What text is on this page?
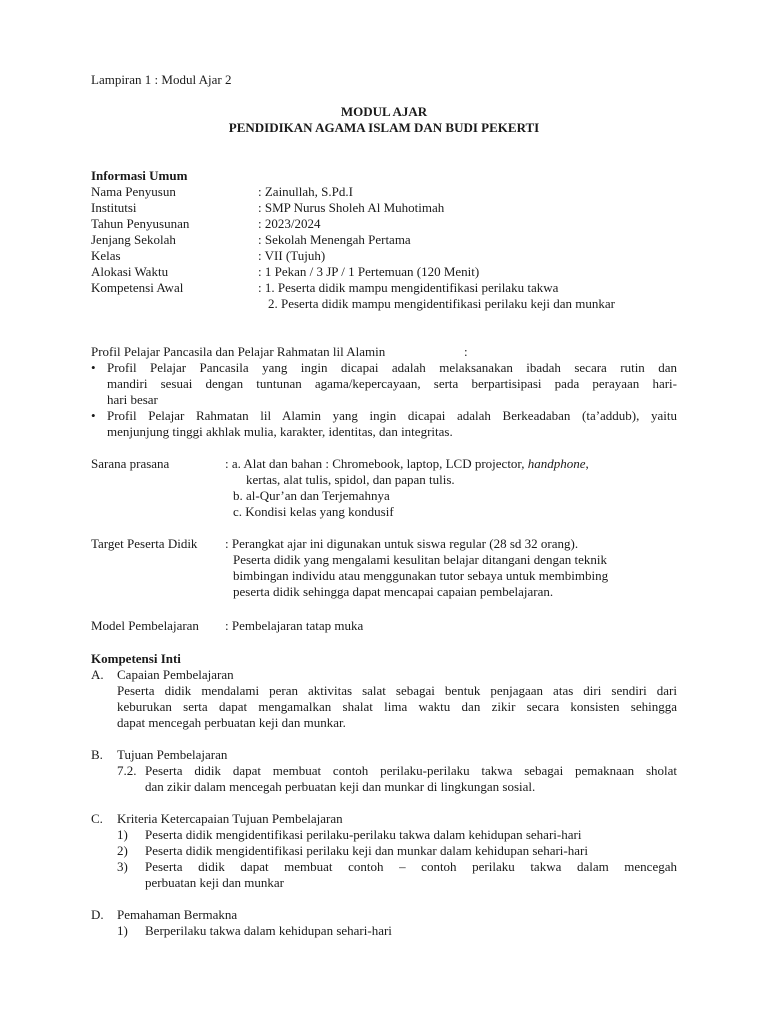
Lampiran 1 : Modul Ajar 2
MODUL AJAR
PENDIDIKAN AGAMA ISLAM DAN BUDI PEKERTI
Informasi Umum
Nama Penyusun	: Zainullah, S.Pd.I
Institutsi	: SMP Nurus Sholeh Al Muhotimah
Tahun Penyusunan	: 2023/2024
Jenjang Sekolah	: Sekolah Menengah Pertama
Kelas	: VII (Tujuh)
Alokasi Waktu	: 1 Pekan / 3 JP / 1 Pertemuan (120 Menit)
Kompetensi Awal	: 1. Peserta didik mampu mengidentifikasi perilaku takwa
2. Peserta didik mampu mengidentifikasi perilaku keji dan munkar
Profil Pelajar Pancasila dan Pelajar Rahmatan lil Alamin	:
• Profil Pelajar Pancasila yang ingin dicapai adalah melaksanakan ibadah secara rutin dan
mandiri sesuai dengan tuntunan agama/kepercayaan, serta berpartisipasi pada perayaan hari-
hari besar
• Profil Pelajar Rahmatan lil Alamin yang ingin dicapai adalah Berkeadaban (ta’addub), yaitu
menjunjung tinggi akhlak mulia, karakter, identitas, dan integritas.
Sarana prasana	: a. Alat dan bahan : Chromebook, laptop, LCD projector, handphone,
kertas, alat tulis, spidol, dan papan tulis.
b. al-Qur’an dan Terjemahnya
c. Kondisi kelas yang kondusif
Target Peserta Didik : Perangkat ajar ini digunakan untuk siswa regular (28 sd 32 orang).
Peserta didik yang mengalami kesulitan belajar ditangani dengan teknik
bimbingan individu atau menggunakan tutor sebaya untuk membimbing
peserta didik sehingga dapat mencapai capaian pembelajaran.
Model Pembelajaran : Pembelajaran tatap muka
Kompetensi Inti
A. Capaian Pembelajaran
Peserta didik mendalami peran aktivitas salat sebagai bentuk penjagaan atas diri sendiri dari
keburukan serta dapat mengamalkan shalat lima waktu dan zikir secara konsisten sehingga
dapat mencegah perbuatan keji dan munkar.
B. Tujuan Pembelajaran
7.2. Peserta didik dapat membuat contoh perilaku-perilaku takwa sebagai pemaknaan sholat
dan zikir dalam mencegah perbuatan keji dan munkar di lingkungan sosial.
C. Kriteria Ketercapaian Tujuan Pembelajaran
1) Peserta didik mengidentifikasi perilaku-perilaku takwa dalam kehidupan sehari-hari
2) Peserta didik mengidentifikasi perilaku keji dan munkar dalam kehidupan sehari-hari
3) Peserta didik dapat membuat contoh – contoh perilaku takwa dalam mencegah
perbuatan keji dan munkar
D. Pemahaman Bermakna
1) Berperilaku takwa dalam kehidupan sehari-hari
